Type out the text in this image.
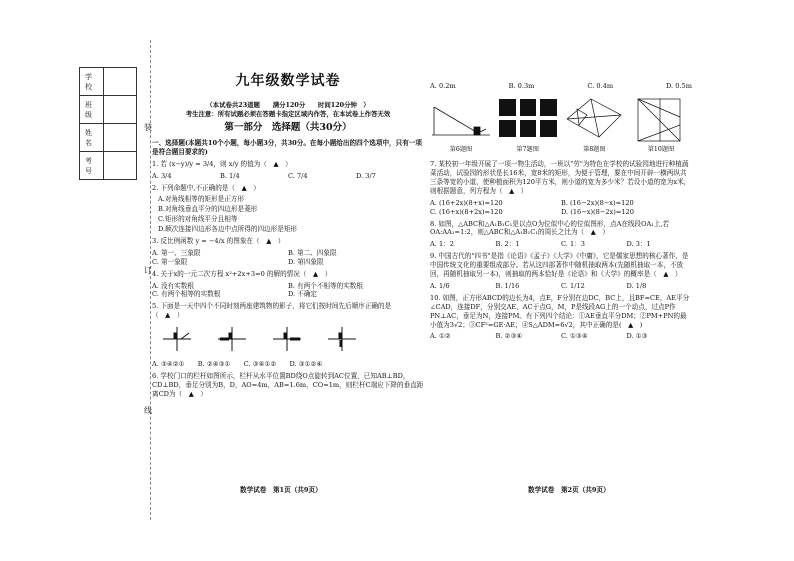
学 校	
班 级	
姓 名	
考 号	
装
订
线
九年级数学试卷
（本试卷共23道题　　满分120分　　时间120分钟　）
考生注意：所有试题必须在答题卡指定区域内作答，在本试卷上作答无效
第一部分　选择题（共30分）
一、选择题(本题共10个小题，每小题3分，共30分。在每小题给出的四个选项中，只有一项是符合题目要求的)
1. 若 (x−y)/y = 3/4，则 x/y 的值为（　▲　）
A. 3/4	B. 1/4	C. 7/4	D. 3/7
2. 下列命题中,不正确的是（　▲　）
A.对角线相等的矩形是正方形
B.对角线垂直平分的四边形是菱形
C.矩形的对角线平分且相等
D.顺次连接四边形各边中点所得的四边形是矩形
3. 反比例函数 y = −4/x 的图象在（　▲　）
A. 第一、三象限	B. 第二、四象限
C. 第一象限	D. 第四象限
4. 关于x的一元二次方程 x²+2x+3=0 的解的情况（　▲　）
A. 没有实数根	B. 有两个不相等的实数根
C. 有两个相等的实数根	D. 不确定
5. 下面是一天中四个不同时刻两座建筑物的影子，将它们按时间先后顺序正确的是
（　▲　）
A. ③④②①　　B. ②④③①　　C. ③④①②　　D. ③①②④
6. 学校门口的栏杆如图所示，栏杆从水平位置BD绕O点旋转到AC位置，已知AB⊥BD，CD⊥BD，垂足分别为B，D，AO=4m，AB=1.6m，CO=1m，则栏杆C端应下降的垂直距离CD为（　▲　）
数学试卷　第1页（共9页）
A. 0.2m	B. 0.3m	C. 0.4m	D. 0.5m
第6题图	第7题图	第8题图	第10题图
7. 某校初一年级开展了一项一物生活动，一班以"劳"为特色在学校的试验园地进行种植蔬菜活动，试验园的形状是长16米，宽8米的矩形，为便于管理，要在中间开辟一横两纵共三条等宽的小道，使种植面积为120平方米，则小道的宽为多少米？若设小道的宽为x米，则根据题意，列方程为（　▲　）
A. (16+2x)(8+x)=120	B. (16−2x)(8−x)=120
C. (16+x)(8+2x)=120	D. (16−x)(8−2x)=120
8. 如图，△ABC和△A₁B₁C₁是以点O为位似中心的位似图形，点A在线段OA₁上,若OA:AA₁=1:2，则△ABC和△A₁B₁C₁的周长之比为（　▲　）
A. 1：2	B. 2：1	C. 1：3	D. 3：1
9. 中国古代的"四书"是指《论语》《孟子》《大学》《中庸》，它是儒家思想的核心著作，是中国传统文化的重要组成部分。若从这四部著作中随机抽取两本(先随机抽取一本，不放回，再随机抽取另一本)，则抽取的两本恰好是《论语》和《大学》的概率是（　▲　）
A. 1/6	B. 1/16	C. 1/12	D. 1/8
10. 如图，正方形ABCD的边长为4，点E，F分别在边DC，BC上，且BF=CE，AE平分∠CAD，连接DF，分别交AE，AC于点G，M，P是线段AG上的一个动点，过点P作PN⊥AC，垂足为N，连接PM。有下列四个结论：①AE垂直平分DM；②PM+PN的最小值为3√2；③CF²=GE·AE；④S△ADM=6√2，其中正确的是(　▲　)
A. ①②	B. ②③④	C. ①③④	D. ①③
数学试卷　第2页（共9页）
